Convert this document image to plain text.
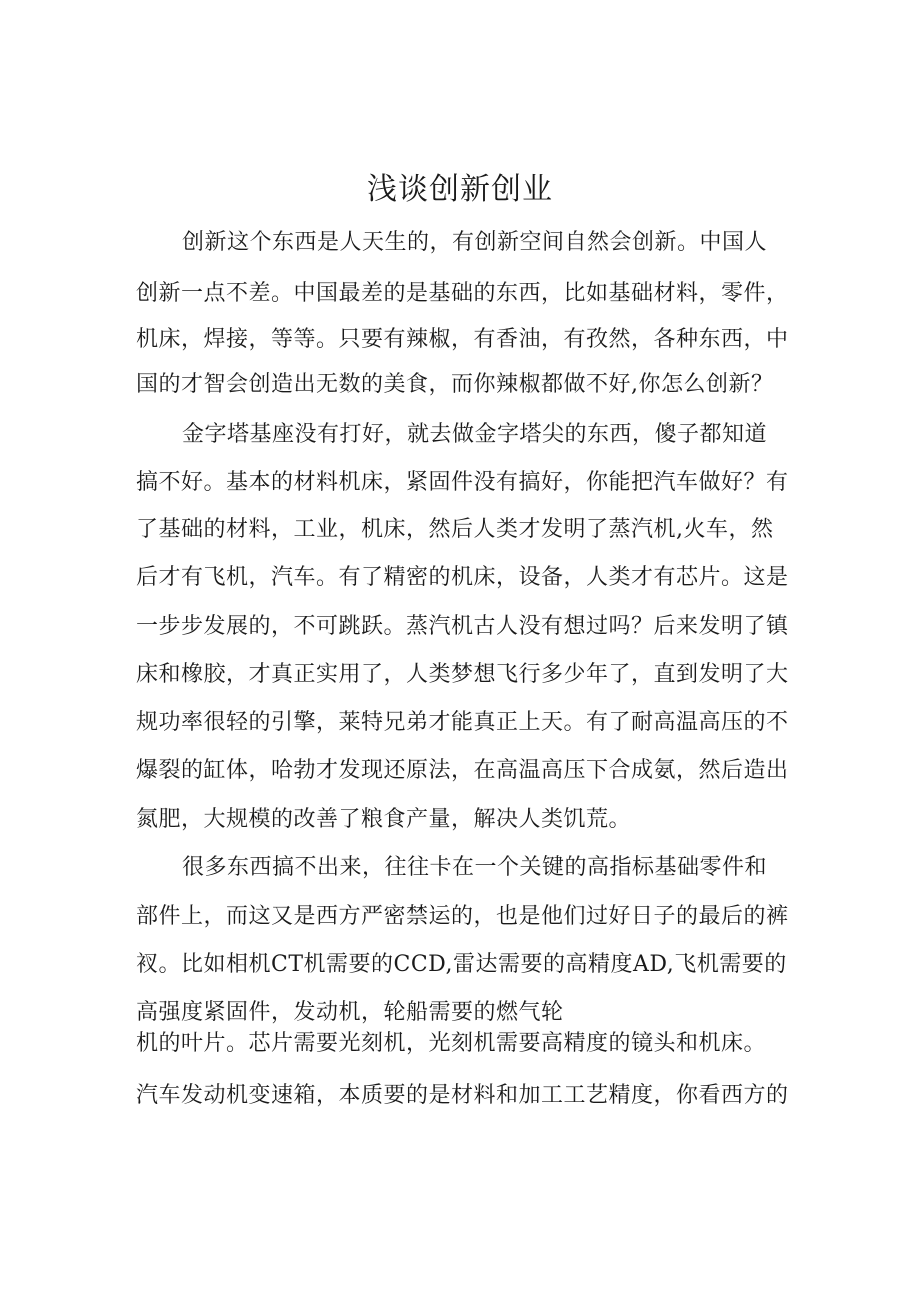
浅谈创新创业

创新这个东西是人天生的，有创新空间自然会创新。中国人

创新一点不差。中国最差的是基础的东西，比如基础材料，零件，

机床，焊接，等等。只要有辣椒，有香油，有孜然，各种东西，中

国的才智会创造出无数的美食，而你辣椒都做不好,你怎么创新？

金字塔基座没有打好，就去做金字塔尖的东西，傻子都知道

搞不好。基本的材料机床，紧固件没有搞好，你能把汽车做好？有

了基础的材料，工业，机床，然后人类才发明了蒸汽机,火车，然

后才有飞机，汽车。有了精密的机床，设备，人类才有芯片。这是

一步步发展的，不可跳跃。蒸汽机古人没有想过吗？后来发明了镇

床和橡胶，才真正实用了，人类梦想飞行多少年了，直到发明了大

规功率很轻的引擎，莱特兄弟才能真正上天。有了耐高温高压的不

爆裂的缸体，哈勃才发现还原法，在高温高压下合成氨，然后造出

氮肥，大规模的改善了粮食产量，解决人类饥荒。

很多东西搞不出来，往往卡在一个关键的高指标基础零件和

部件上，而这又是西方严密禁运的，也是他们过好日子的最后的裤

衩。比如相机CT机需要的CCD,雷达需要的高精度AD,飞机需要的

高强度紧固件，发动机，轮船需要的燃气轮

机的叶片。芯片需要光刻机，光刻机需要高精度的镜头和机床。

汽车发动机变速箱，本质要的是材料和加工工艺精度，你看西方的
